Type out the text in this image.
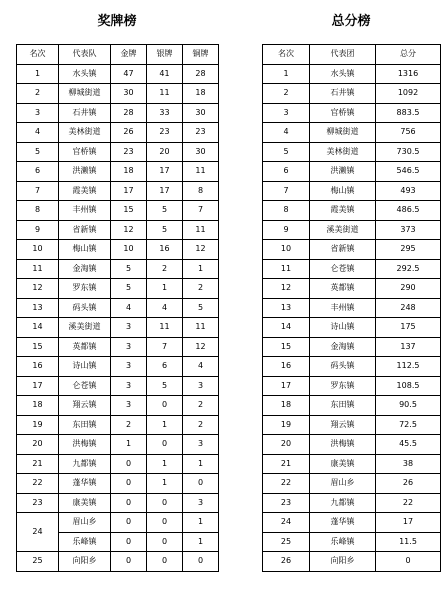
奖牌榜	总分榜
名次	代表队	金牌	银牌	铜牌
1	水头镇	47	41	28
2	柳城街道	30	11	18
3	石井镇	28	33	30
4	美林街道	26	23	23
5	官桥镇	23	20	30
6	洪濑镇	18	17	11
7	霞美镇	17	17	8
8	丰州镇	15	5	7
9	省新镇	12	5	11
10	梅山镇	10	16	12
11	金淘镇	5	2	1
12	罗东镇	5	1	2
13	码头镇	4	4	5
14	溪美街道	3	11	11
15	英都镇	3	7	12
16	诗山镇	3	6	4
17	仑苍镇	3	5	3
18	翔云镇	3	0	2
19	东田镇	2	1	2
20	洪梅镇	1	0	3
21	九都镇	0	1	1
22	蓬华镇	0	1	0
23	康美镇	0	0	3
24	眉山乡	0	0	1
	乐峰镇	0	0	1
25	向阳乡	0	0	0
名次	代表团	总分
1	水头镇	1316
2	石井镇	1092
3	官桥镇	883.5
4	柳城街道	756
5	美林街道	730.5
6	洪濑镇	546.5
7	梅山镇	493
8	霞美镇	486.5
9	溪美街道	373
10	省新镇	295
11	仑苍镇	292.5
12	英都镇	290
13	丰州镇	248
14	诗山镇	175
15	金淘镇	137
16	码头镇	112.5
17	罗东镇	108.5
18	东田镇	90.5
19	翔云镇	72.5
20	洪梅镇	45.5
21	康美镇	38
22	眉山乡	26
23	九都镇	22
24	蓬华镇	17
25	乐峰镇	11.5
26	向阳乡	0
